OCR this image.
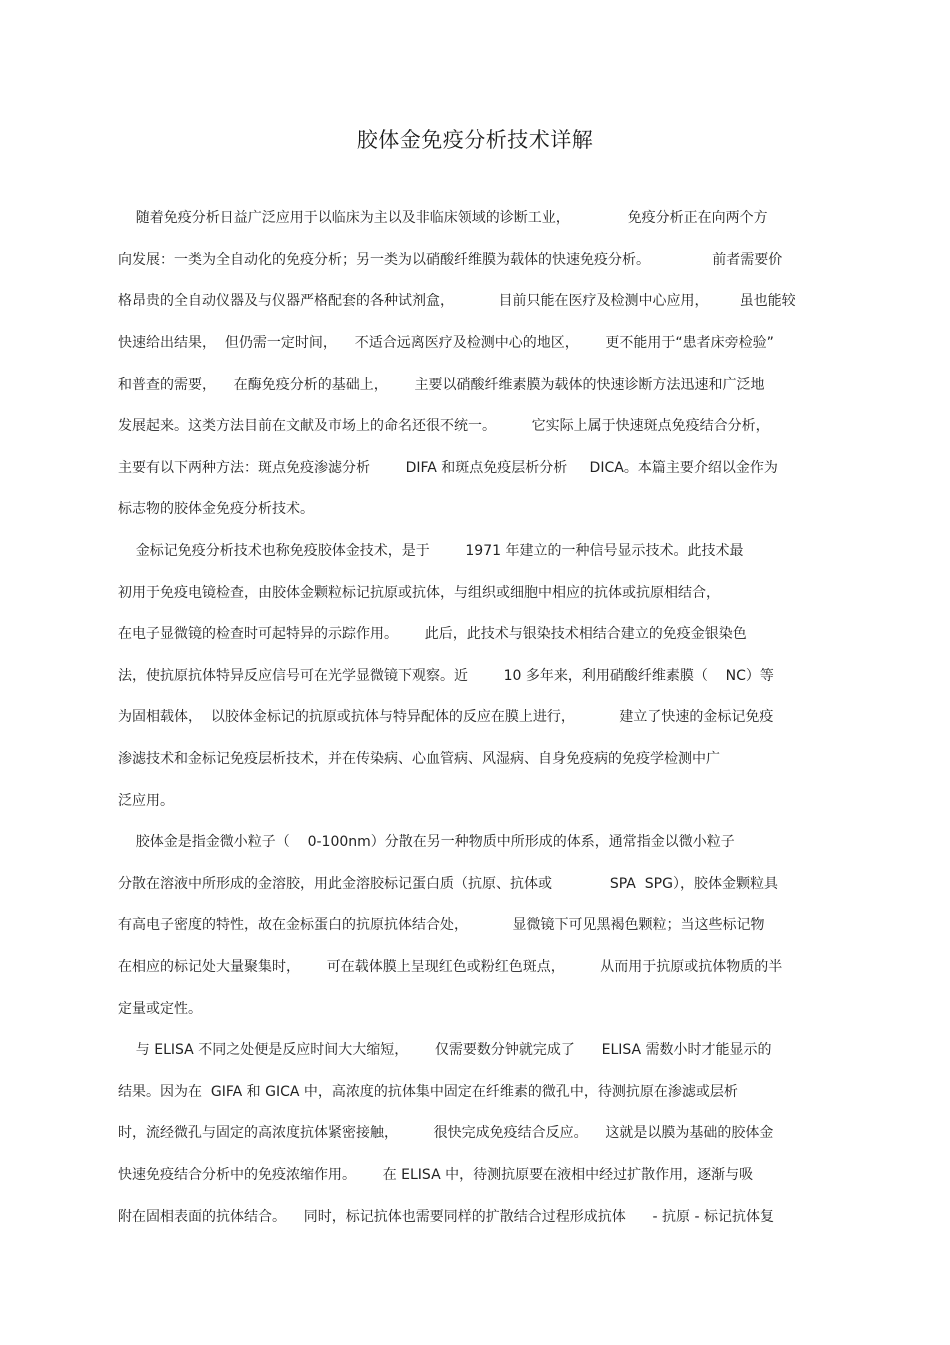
胶体金免疫分析技术详解
随着免疫分析日益广泛应用于以临床为主以及非临床领域的诊断工业，             免疫分析正在向两个方
向发展：一类为全自动化的免疫分析；另一类为以硝酸纤维膜为载体的快速免疫分析。              前者需要价
格昂贵的全自动仪器及与仪器严格配套的各种试剂盒，          目前只能在医疗及检测中心应用，       虽也能较
快速给出结果，  但仍需一定时间，    不适合远离医疗及检测中心的地区，      更不能用于“患者床旁检验”
和普查的需要，    在酶免疫分析的基础上，      主要以硝酸纤维素膜为载体的快速诊断方法迅速和广泛地
发展起来。这类方法目前在文献及市场上的命名还很不统一。        它实际上属于快速斑点免疫结合分析，
主要有以下两种方法：斑点免疫渗滤分析        DIFA 和斑点免疫层析分析     DICA。本篇主要介绍以金作为
标志物的胶体金免疫分析技术。
金标记免疫分析技术也称免疫胶体金技术，是于        1971 年建立的一种信号显示技术。此技术最
初用于免疫电镜检查，由胶体金颗粒标记抗原或抗体，与组织或细胞中相应的抗体或抗原相结合，
在电子显微镜的检查时可起特异的示踪作用。      此后，此技术与银染技术相结合建立的免疫金银染色
法，使抗原抗体特异反应信号可在光学显微镜下观察。近        10 多年来，利用硝酸纤维素膜（    NC）等
为固相载体，  以胶体金标记的抗原或抗体与特异配体的反应在膜上进行，          建立了快速的金标记免疫
渗滤技术和金标记免疫层析技术，并在传染病、心血管病、风湿病、自身免疫病的免疫学检测中广
泛应用。
胶体金是指金微小粒子（    0-100nm）分散在另一种物质中所形成的体系，通常指金以微小粒子
分散在溶液中所形成的金溶胶，用此金溶胶标记蛋白质（抗原、抗体或             SPA  SPG），胶体金颗粒具
有高电子密度的特性，故在金标蛋白的抗原抗体结合处，          显微镜下可见黑褐色颗粒；当这些标记物
在相应的标记处大量聚集时，      可在载体膜上呈现红色或粉红色斑点，        从而用于抗原或抗体物质的半
定量或定性。
与 ELISA 不同之处便是反应时间大大缩短，      仅需要数分钟就完成了      ELISA 需数小时才能显示的
结果。因为在  GIFA 和 GICA 中，高浓度的抗体集中固定在纤维素的微孔中，待测抗原在渗滤或层析
时，流经微孔与固定的高浓度抗体紧密接触，        很快完成免疫结合反应。    这就是以膜为基础的胶体金
快速免疫结合分析中的免疫浓缩作用。      在 ELISA 中，待测抗原要在液相中经过扩散作用，逐渐与吸
附在固相表面的抗体结合。    同时，标记抗体也需要同样的扩散结合过程形成抗体      - 抗原 - 标记抗体复
